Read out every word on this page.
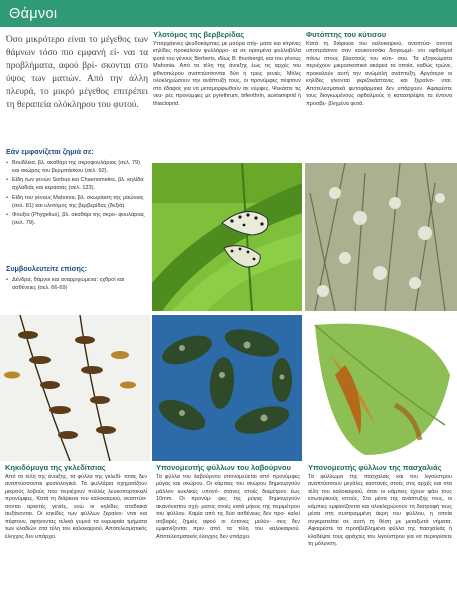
Θάμνοι
Όσο μικρότερο είναι το μέγεθος των θάμνων τόσο πιο εμφανή εί- ναι τα προβλήματα, αφού βρί- σκονται στο ύψος των ματιών. Από την άλλη πλευρά, το μικρό μέγεθος επιτρέπει τη θεραπεία ολόκληρου του φυτού.
Εάν εμφανίζεται ζημιά σε:
• Βουδλέια, βλ. ακαθάρι της σκροφουλάριας (σελ. 79) και σκώρος του βερμπάσκου (σελ. 92).
• Είδη των γενών Sorbus και Chaenomeles, βλ. κηλίδα αχλαδιάς και κερασιάς (σελ. 123).
• Είδη του γένους Mahonia, βλ. σκωρίαση της μαώνιας (σελ. 81) και υλοτόμος της βερβερίδας (δεξιά).
• Φουξια (Phygelius), βλ. ακαθάρι της σκρο- φουλάριας (σελ. 79).
Συμβουλευτείτε επίσης:
• Δένδρα, θάμνοι και αναρριχώμενα: εχθροί και ασθένειες (σελ. 66-69)
Υλοτόμος της βερβερίδας

Υπαρχάκνες ψευδοκάμπιες με μαύρα στίγ- ματα και κίτρινες κηλίδες προκαλούν φυλλόρρο- ια σε ορισμένα φυλλοβόλα φυτά του γένους Berberis, ιδίως B. thunbergii, και του γένους Mahonia. Από τα τέλη της άνοιξης έως τις αρχές του φθινοπώρου αναπτύσσονται δύο ή τρεις γενιές. Μόλις ολοκληρώσουν την ανάπτυξή τους, οι προνύμφες πέφτουν στο έδαφος για να μεταμορφωθούν σε νύμφες. Ψεκάστε τις νεα- ρές προνύμφες με pyrethrum, bifenthrin, acetamiprid ή thiacloprid.

Φυτόπτης του κύτισου

Κατά τη διάρκεια του καλοκαιριού, αναπτύσ- σονται υποπράσινοι σαν κουκουτσάκι διογκωμέ- νοι οφθαλμοί πάνω στους βλαστούς του κύτι- σου. Τα εξογκώματα περιέχουν μικροσκοπικά ακάρεα τα οποία, καθώς τρώνε, προκαλούν αυτή την ανώμαλη ανάπτυξη. Αργότερα οι κηλίδες γίνονται γκριζοκάστανες και ξεραίνο- νται. Αποτελεσματικά φυτοφάρμακα δεν υπάρχουν. Αφαιρέστε τους διογκωμένους οφθαλμούς ή καταστρέψτε τα έντονα προσβε- βλημένα φυτά.

Κηκιδόμυγα της γκλεδίτσιας

Από τα τέλη της άνοιξης, τα φύλλα της γκλεδί- τσιας δεν αναπτύσσονται φυσιολογικά. Τα φυλλάρια σχηματίζουν μικρούς λοβούς που περιέχουν πολλές λευκοπορτοκαλί προνύμφες. Κατά τη διάρκεια του καλοκαιριού, αναπτύσ- σονται αρκετές γενιές, ενώ οι κηλίδες σταδιακά αυξάνονται. Οι κηκίδες των φύλλων ξεραίνο- νται και πέφτουν, αφήνοντας τελικά γυμνά τα κορυφαία τμήματα των κλαδιών στα τέλη του καλοκαιριού. Αποτελεσματικός έλεγχος δεν υπάρχει.

Υπονομευτής φύλλων του λαβούρνου

Τα φύλλα του λαβούρνου υπονομεύεται από προνύμφες μύγας και σκώρου. Οι κάμπιες του σκώρου δημιουργούν μάλλον κυκλικές υπονό- στανες στοές διαμέτρου έως 10mm. Οι προνύμ- φες της μύγας δημιουργούν ακανόνιστου σχή- ματος στοές κατά μήκος της περιμέτρου του φύλλου. Καμία από τις δύο ασθένειες δεν προ- καλεί σοβαρές ζημιές αφού οι έντονες μολύν- σεις δεν εμφανίζονται πριν από τα τέλη του καλοκαιριού. Αποτελεσματικός έλεγχος δεν υπάρχει.

Υπονομευτής φύλλων της πασχαλιάς

Τα φύλλωμα της πασχαλιάς και του λιγούστρου αναπτύσσουν μεγάλες καστανές στοές στις αρχές και στα τέλη του καλοκαιριού, όταν οι κάμπιες έχουν φάει τους εσωτερικούς ιστούς. Στα μέσα της ανάπτυξής τους, οι κάμπιες εμφανίζονται και ολοκληρώνουν τη διατροφή τους μέσα στη συστραμμένη άκρη του φύλλου, η οποία συγκρατείται σε αυτή τη θέση με μεταξωτά νήματα. Αφαιρέστε τα προσβεβλημένα φύλλα της πασχαλιάς ή κλαδέψτε τους φράχτες του λιγούστρου για να περιορίσετε τη μόλυνση.
